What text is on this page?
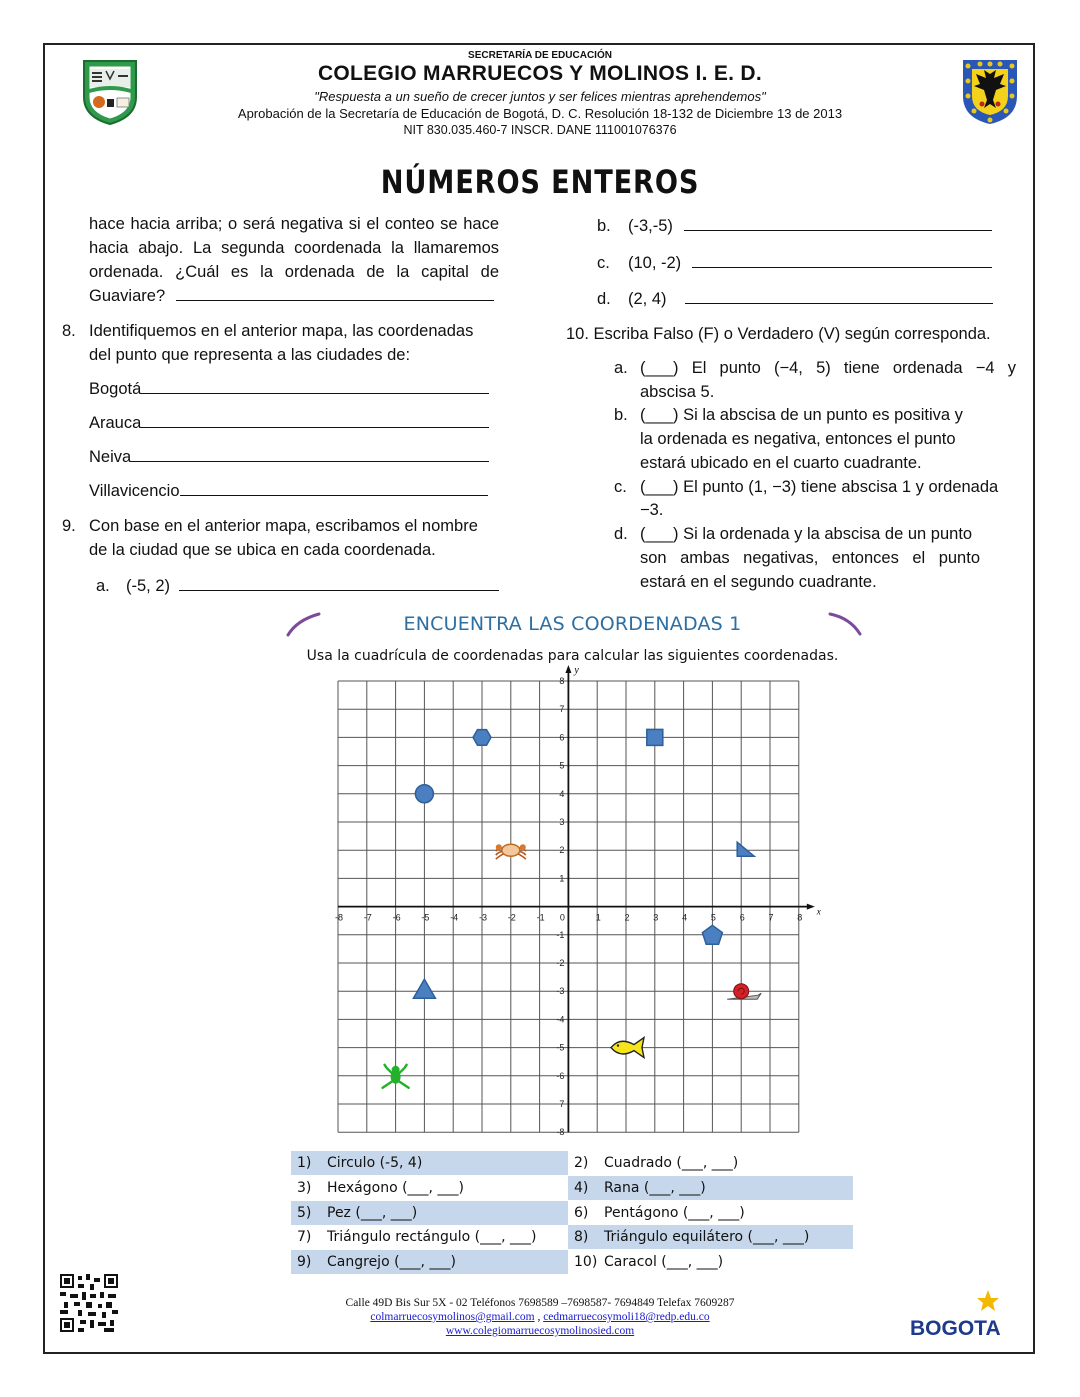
SECRETARÍA DE EDUCACIÓN
COLEGIO MARRUECOS Y MOLINOS I. E. D.
"Respuesta a un sueño de crecer juntos y ser felices mientras aprehendemos"
Aprobación de la Secretaría de Educación de Bogotá, D. C. Resolución 18-132 de Diciembre 13 de 2013
NIT 830.035.460-7 INSCR. DANE 111001076376
NÚMEROS ENTEROS
hace hacia arriba; o será negativa si el conteo se hace
hacia abajo. La segunda coordenada la llamaremos
ordenada. ¿Cuál es la ordenada de la capital de
Guaviare?
8. Identifiquemos en el anterior mapa, las coordenadas
del punto que representa a las ciudades de:
Bogotá
Arauca
Neiva
Villavicencio
9. Con base en el anterior mapa, escribamos el nombre
de la ciudad que se ubica en cada coordenada.
a. (-5, 2)
b. (-3,-5)
c. (10, -2)
d. (2, 4)
10. Escriba Falso (F) o Verdadero (V) según corresponda.
a. (___) El punto (−4, 5) tiene ordenada −4 y
abscisa 5.
b. (___) Si la abscisa de un punto es positiva y
la ordenada es negativa, entonces el punto
estará ubicado en el cuarto cuadrante.
c. (___) El punto (1, −3) tiene abscisa 1 y ordenada
−3.
d. (___) Si la ordenada y la abscisa de un punto
son ambas negativas, entonces el punto
estará en el segundo cuadrante.
ENCUENTRA LAS COORDENADAS 1
Usa la cuadrícula de coordenadas para calcular las siguientes coordenadas.
x
y
-8 -7 -6 -5 -4 -3 -2 -1 0	1	2	3	4	5	6	7	8
8
7
6
5
4
3
2
1
-1
-2
-3
-4
-5
-6
7
-8
1) Circulo (-5, 4)	2) Cuadrado (___, ___)
3) Hexágono (___, ___)	4) Rana (___, ___)
5) Pez (___, ___)	6) Pentágono (___, ___)
7) Triángulo rectángulo (___, ___)	8) Triángulo equilátero (___, ___)
9) Cangrejo (___, ___)	10) Caracol (___, ___)
Calle 49D Bis Sur 5X - 02 Teléfonos 7698589 –7698587- 7694849 Telefax 7609287
colmarruecosymolinos@gmail.com , cedmarruecosymoli18@redp.edu.co
www.colegiomarruecosymolinosied.com	BOGOTA
